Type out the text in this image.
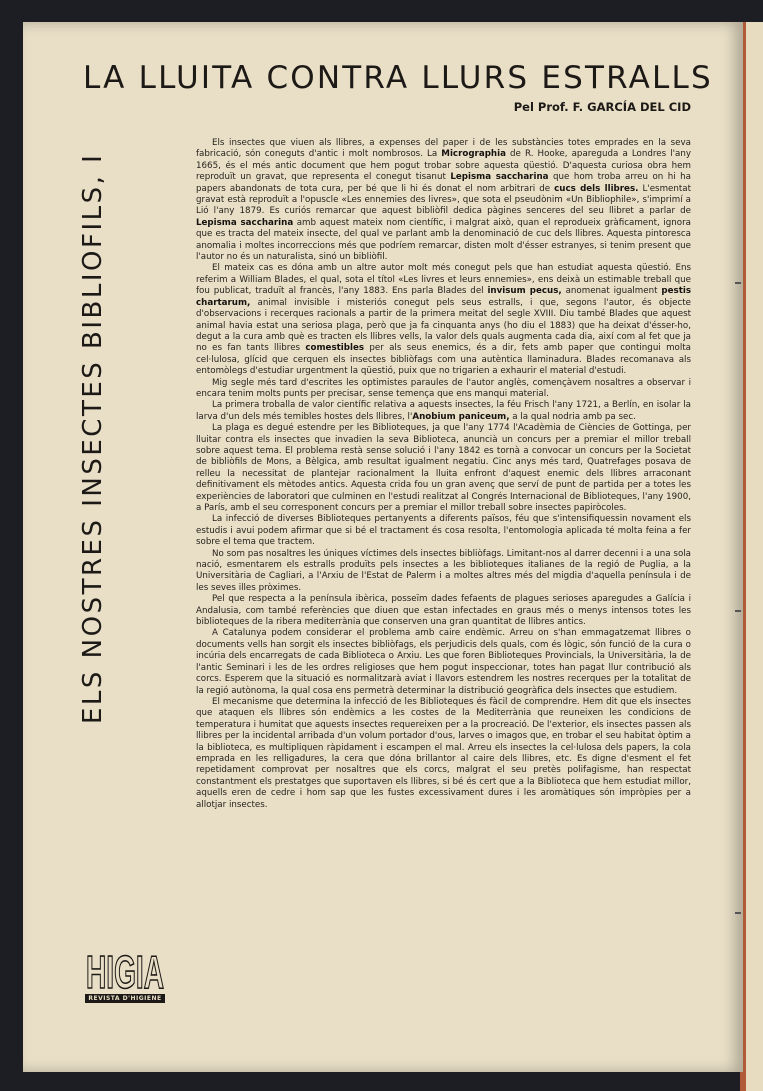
LA LLUITA CONTRA LLURS ESTRALLS
Pel Prof. F. GARCÍA DEL CID
ELS NOSTRES INSECTES BIBLIOFILS, I

Els insectes que viuen als llibres, a expenses del paper i de les substàncies totes emprades en la seva fabricació, són coneguts d'antic i molt nombrosos. La Micrographia de R. Hooke, apareguda a Londres l'any 1665, és el més antic document que hem pogut trobar sobre aquesta qüestió. D'aquesta curiosa obra hem reproduït un gravat, que representa el conegut tisanut Lepisma saccharina que hom troba arreu on hi ha papers abandonats de tota cura, per bé que li hi és donat el nom arbitrari de cucs dels llibres. L'esmentat gravat està reproduït a l'opuscle «Les ennemies des livres», que sota el pseudònim «Un Bibliophile», s'imprimí a Lió l'any 1879. Es curiós remarcar que aquest bibliòfil dedica pàgines senceres del seu llibret a parlar de Lepisma saccharina amb aquest mateix nom científic, i malgrat això, quan el reprodueix gràficament, ignora que es tracta del mateix insecte, del qual ve parlant amb la denominació de cuc dels llibres. Aquesta pintoresca anomalia i moltes incorreccions més que podríem remarcar, disten molt d'ésser estranyes, si tenim present que l'autor no és un naturalista, sinó un bibliòfil.

El mateix cas es dóna amb un altre autor molt més conegut pels que han estudiat aquesta qüestió. Ens referim a William Blades, el qual, sota el títol «Les livres et leurs ennemies», ens deixà un estimable treball que fou publicat, traduït al francès, l'any 1883. Ens parla Blades del invisum pecus, anomenat igualment pestis chartarum, animal invisible i misteriós conegut pels seus estralls, i que, segons l'autor, és objecte d'observacions i recerques racionals a partir de la primera meitat del segle XVIII. Diu també Blades que aquest animal havia estat una seriosa plaga, però que ja fa cinquanta anys (ho diu el 1883) que ha deixat d'ésser-ho, degut a la cura amb què es tracten els llibres vells, la valor dels quals augmenta cada dia, així com al fet que ja no es fan tants llibres comestibles per als seus enemics, és a dir, fets amb paper que contingui molta cel·lulosa, glícid que cerquen els insectes bibliòfags com una autèntica llaminadura. Blades recomanava als entomòlegs d'estudiar urgentment la qüestió, puix que no trigarien a exhaurir el material d'estudi.

Mig segle més tard d'escrites les optimistes paraules de l'autor anglès, començàvem nosaltres a observar i encara tenim molts punts per precisar, sense temença que ens manqui material.

La primera troballa de valor científic relativa a aquests insectes, la féu Frisch l'any 1721, a Berlín, en isolar la larva d'un dels més temibles hostes dels llibres, l'Anobium paniceum, a la qual nodria amb pa sec.

La plaga es degué estendre per les Biblioteques, ja que l'any 1774 l'Acadèmia de Ciències de Gottinga, per lluitar contra els insectes que invadien la seva Biblioteca, anuncià un concurs per a premiar el millor treball sobre aquest tema. El problema restà sense solució i l'any 1842 es tornà a convocar un concurs per la Societat de bibliòfils de Mons, a Bèlgica, amb resultat igualment negatiu. Cinc anys més tard, Quatrefages posava de relleu la necessitat de plantejar racionalment la lluita enfront d'aquest enemic dels llibres arraconant definitivament els mètodes antics. Aquesta crida fou un gran avenç que serví de punt de partida per a totes les experiències de laboratori que culminen en l'estudi realitzat al Congrés Internacional de Biblioteques, l'any 1900, a París, amb el seu corresponent concurs per a premiar el millor treball sobre insectes papiròcoles.

La infecció de diverses Biblioteques pertanyents a diferents països, féu que s'intensifiquessin novament els estudis i avui podem afirmar que si bé el tractament és cosa resolta, l'entomologia aplicada té molta feina a fer sobre el tema que tractem.

No som pas nosaltres les úniques víctimes dels insectes bibliòfags. Limitant-nos al darrer decenni i a una sola nació, esmentarem els estralls produïts pels insectes a les biblioteques italianes de la regió de Puglia, a la Universitària de Cagliari, a l'Arxiu de l'Estat de Palerm i a moltes altres més del migdia d'aquella península i de les seves illes pròximes.

Pel que respecta a la península ibèrica, posseïm dades fefaents de plagues serioses aparegudes a Galícia i Andalusia, com també referències que diuen que estan infectades en graus més o menys intensos totes les biblioteques de la ribera mediterrània que conserven una gran quantitat de llibres antics.

A Catalunya podem considerar el problema amb caire endèmic. Arreu on s'han emmagatzemat llibres o documents vells han sorgit els insectes bibliòfags, els perjudicis dels quals, com és lògic, són funció de la cura o incúria dels encarregats de cada Biblioteca o Arxiu. Les que foren Biblioteques Provincials, la Universitària, la de l'antic Seminari i les de les ordres religioses que hem pogut inspeccionar, totes han pagat llur contribució als corcs. Esperem que la situació es normalitzarà aviat i llavors estendrem les nostres recerques per la totalitat de la regió autònoma, la qual cosa ens permetrà determinar la distribució geogràfica dels insectes que estudiem.

El mecanisme que determina la infecció de les Biblioteques és fàcil de comprendre. Hem dit que els insectes que ataquen els llibres són endèmics a les costes de la Mediterrània que reuneixen les condicions de temperatura i humitat que aquests insectes requereixen per a la procreació. De l'exterior, els insectes passen als llibres per la incidental arribada d'un volum portador d'ous, larves o imagos que, en trobar el seu habitat òptim a la biblioteca, es multipliquen ràpidament i escampen el mal. Arreu els insectes la cel·lulosa dels papers, la cola emprada en les relligadures, la cera que dóna brillantor al caire dels llibres, etc. Es digne d'esment el fet repetidament comprovat per nosaltres que els corcs, malgrat el seu pretès polifagisme, han respectat constantment els prestatges que suportaven els llibres, si bé és cert que a la Biblioteca que hem estudiat millor, aquells eren de cedre i hom sap que les fustes excessivament dures i les aromàtiques són impròpies per a allotjar insectes.

HIGIA
REVISTA D'HIGIENE
